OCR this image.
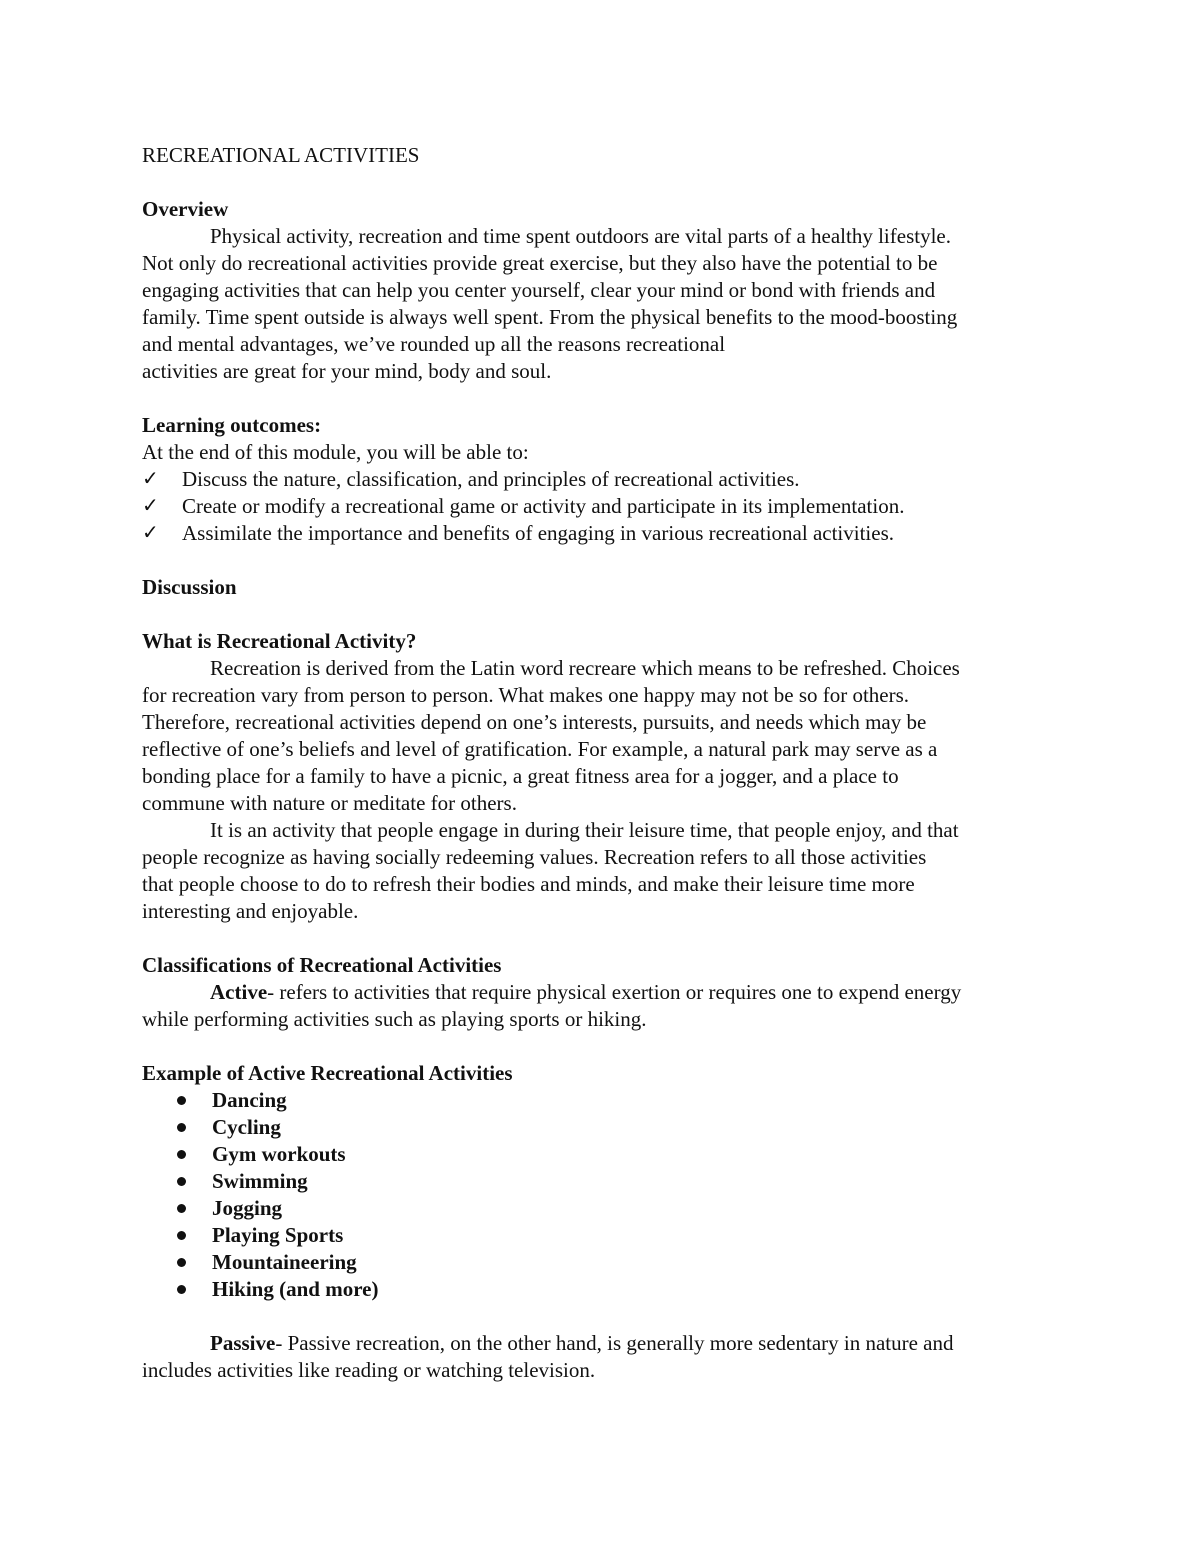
RECREATIONAL ACTIVITIES

Overview

Physical activity, recreation and time spent outdoors are vital parts of a healthy lifestyle.

Not only do recreational activities provide great exercise, but they also have the potential to be

engaging activities that can help you center yourself, clear your mind or bond with friends and

family. Time spent outside is always well spent. From the physical benefits to the mood-boosting

and mental advantages, we’ve rounded up all the reasons recreational

activities are great for your mind, body and soul.

Learning outcomes:

At the end of this module, you will be able to:

✓	Discuss the nature, classification, and principles of recreational activities.
✓	Create or modify a recreational game or activity and participate in its implementation.
✓	Assimilate the importance and benefits of engaging in various recreational activities.

Discussion

What is Recreational Activity?

Recreation is derived from the Latin word recreare which means to be refreshed. Choices

for recreation vary from person to person. What makes one happy may not be so for others.

Therefore, recreational activities depend on one’s interests, pursuits, and needs which may be

reflective of one’s beliefs and level of gratification. For example, a natural park may serve as a

bonding place for a family to have a picnic, a great fitness area for a jogger, and a place to

commune with nature or meditate for others.

It is an activity that people engage in during their leisure time, that people enjoy, and that

people recognize as having socially redeeming values. Recreation refers to all those activities

that people choose to do to refresh their bodies and minds, and make their leisure time more

interesting and enjoyable.

Classifications of Recreational Activities

Active- refers to activities that require physical exertion or requires one to expend energy

while performing activities such as playing sports or hiking.

Example of Active Recreational Activities

Dancing
Cycling
Gym workouts
Swimming
Jogging
Playing Sports
Mountaineering
Hiking (and more)

Passive- Passive recreation, on the other hand, is generally more sedentary in nature and

includes activities like reading or watching television.
